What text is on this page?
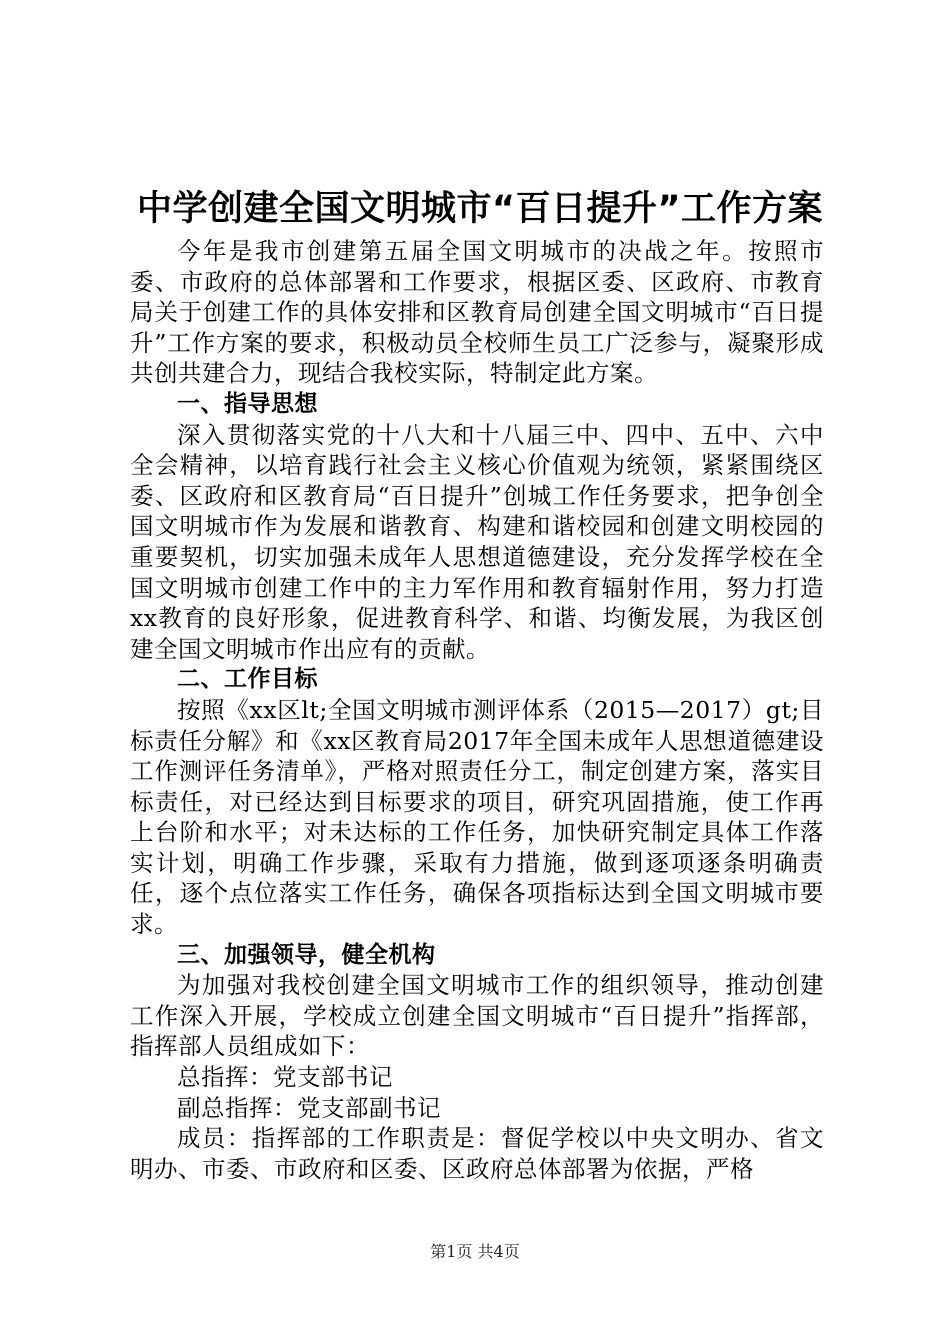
中学创建全国文明城市“百日提升”工作方案

今年是我市创建第五届全国文明城市的决战之年。按照市委、市政府的总体部署和工作要求，根据区委、区政府、市教育局关于创建工作的具体安排和区教育局创建全国文明城市“百日提升”工作方案的要求，积极动员全校师生员工广泛参与，凝聚形成共创共建合力，现结合我校实际，特制定此方案。

一、指导思想

深入贯彻落实党的十八大和十八届三中、四中、五中、六中全会精神，以培育践行社会主义核心价值观为统领，紧紧围绕区委、区政府和区教育局“百日提升”创城工作任务要求，把争创全国文明城市作为发展和谐教育、构建和谐校园和创建文明校园的重要契机，切实加强未成年人思想道德建设，充分发挥学校在全国文明城市创建工作中的主力军作用和教育辐射作用，努力打造xx教育的良好形象，促进教育科学、和谐、均衡发展，为我区创建全国文明城市作出应有的贡献。

二、工作目标

按照《xx区lt;全国文明城市测评体系（2015—2017）gt;目标责任分解》和《xx区教育局2017年全国未成年人思想道德建设工作测评任务清单》，严格对照责任分工，制定创建方案，落实目标责任，对已经达到目标要求的项目，研究巩固措施，使工作再上台阶和水平；对未达标的工作任务，加快研究制定具体工作落实计划，明确工作步骤，采取有力措施，做到逐项逐条明确责任，逐个点位落实工作任务，确保各项指标达到全国文明城市要求。

三、加强领导，健全机构

为加强对我校创建全国文明城市工作的组织领导，推动创建工作深入开展，学校成立创建全国文明城市“百日提升”指挥部，指挥部人员组成如下：

总指挥：党支部书记

副总指挥：党支部副书记

成员：指挥部的工作职责是：督促学校以中央文明办、省文明办、市委、市政府和区委、区政府总体部署为依据，严格

第1页 共4页
